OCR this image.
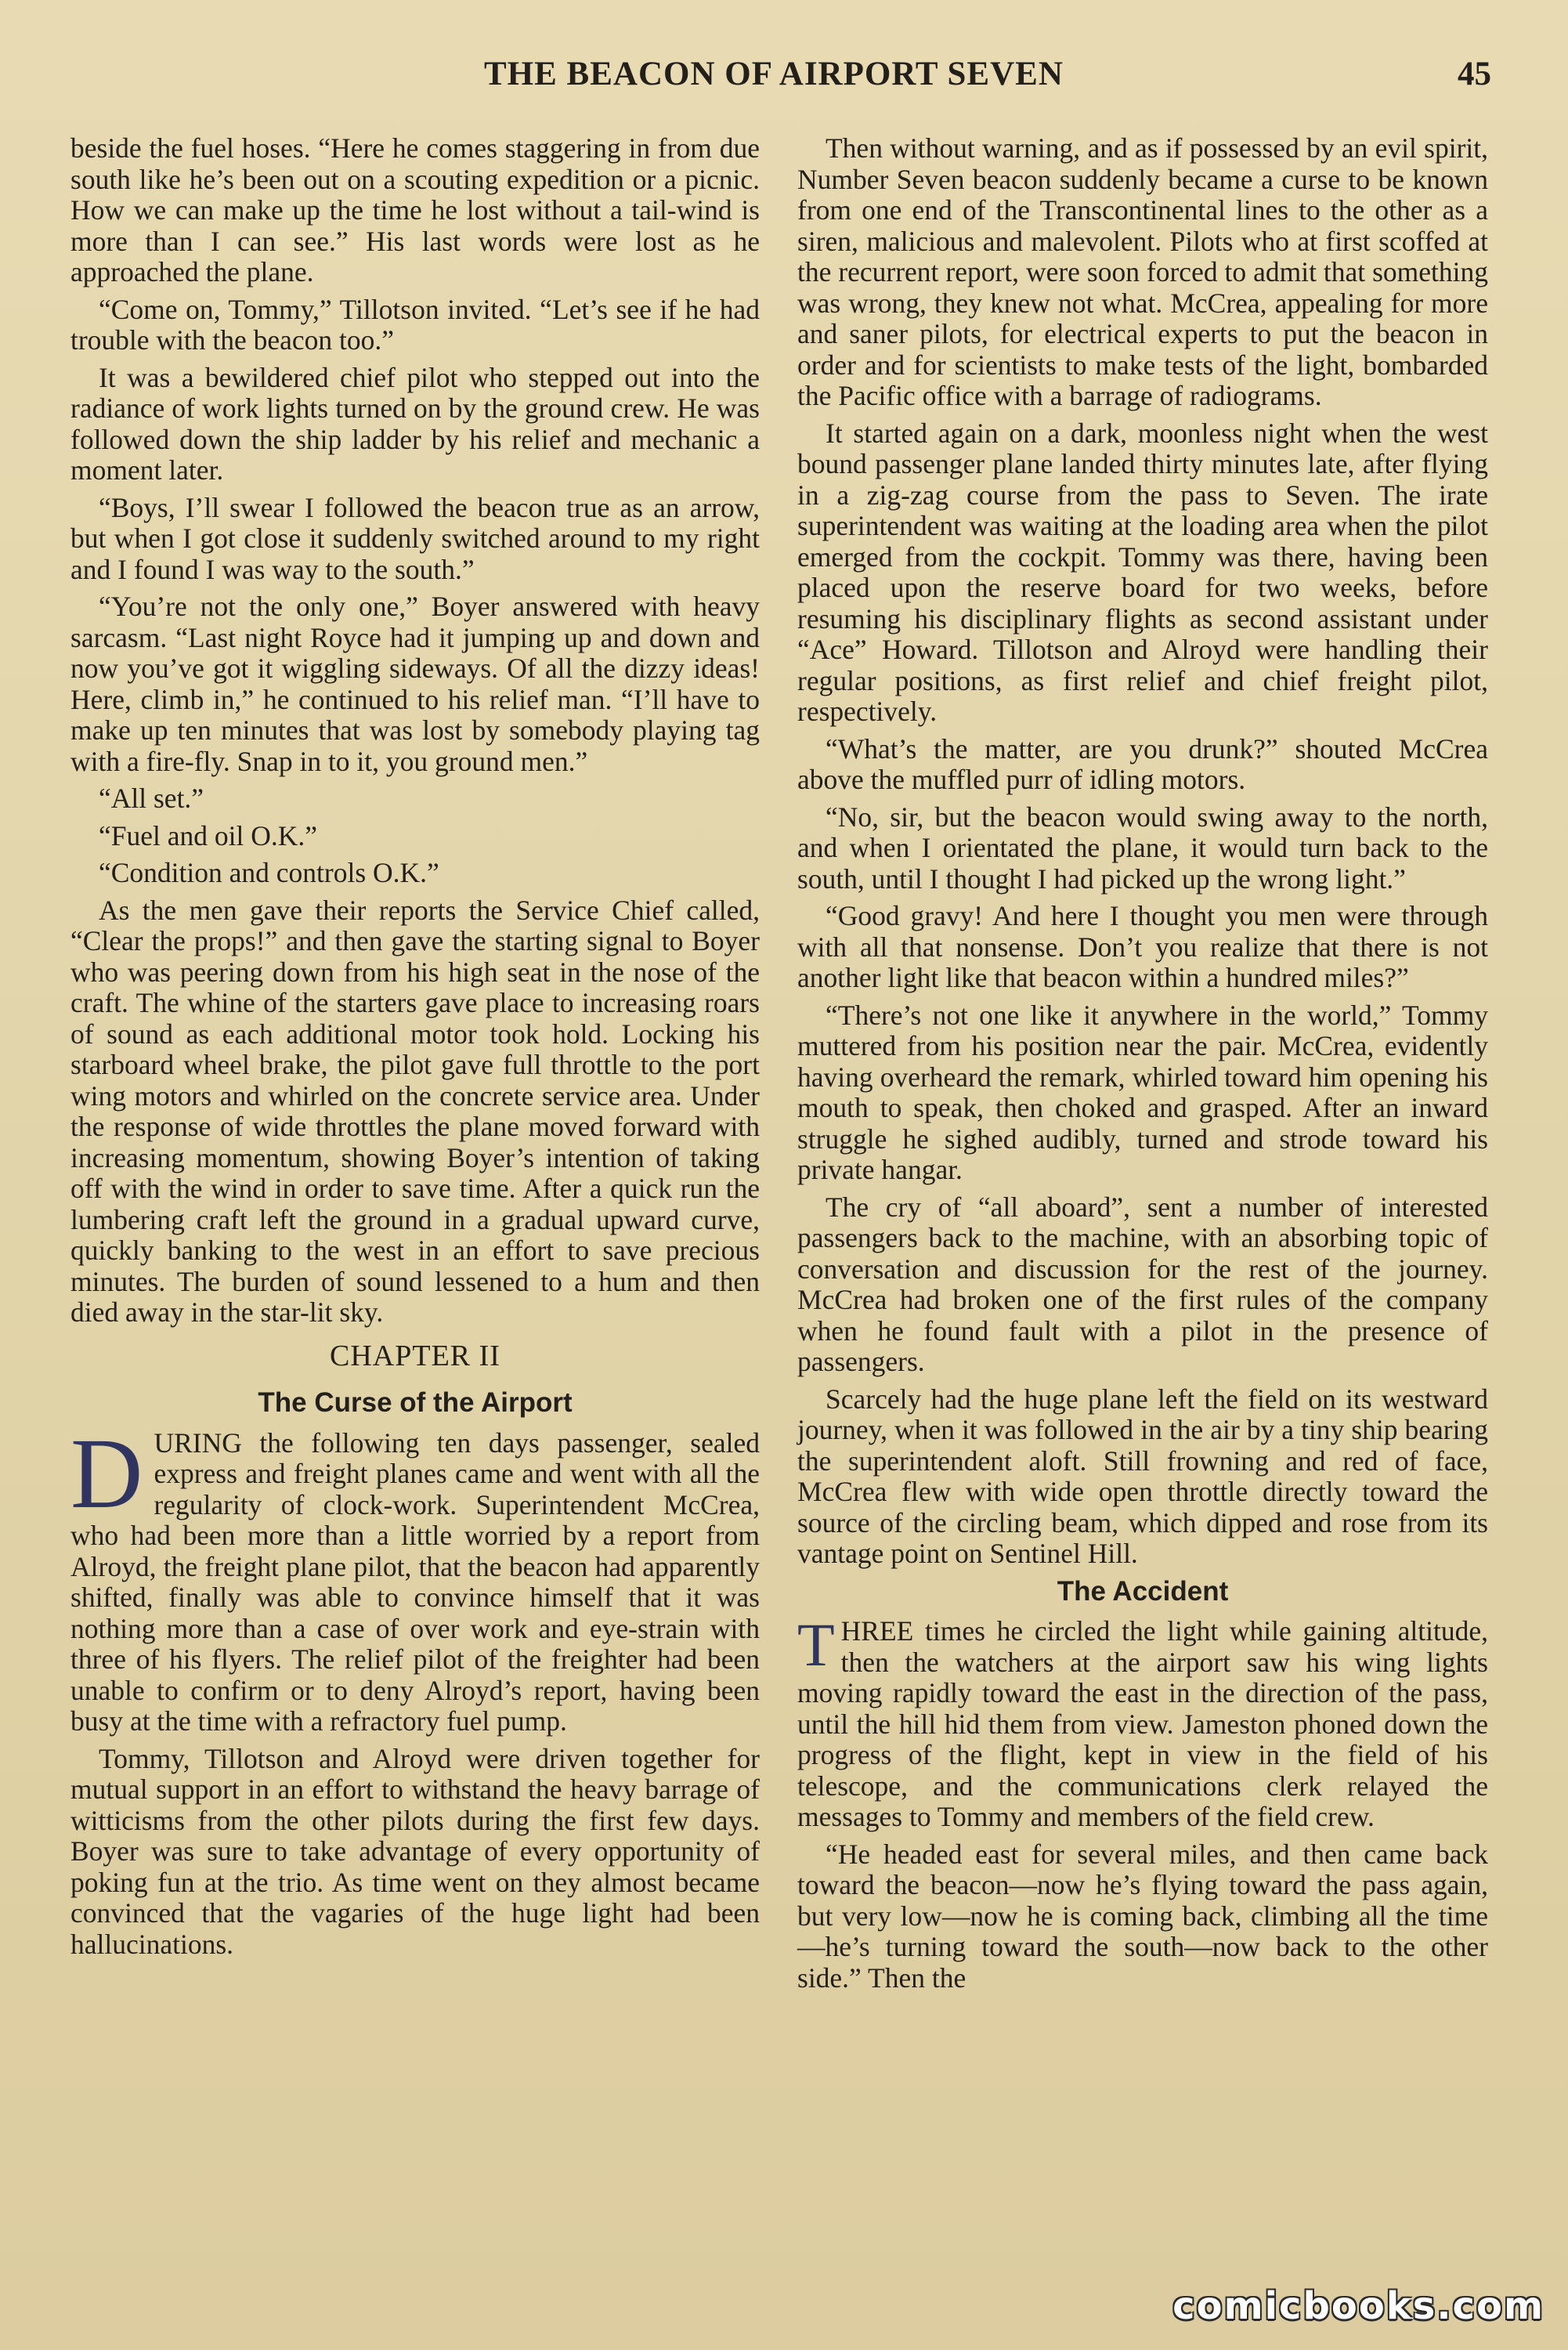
THE BEACON OF AIRPORT SEVEN	45

beside the fuel hoses. “Here he comes staggering in from due south like he’s been out on a scouting expedition or a picnic. How we can make up the time he lost without a tail-wind is more than I can see.” His last words were lost as he approached the plane.

“Come on, Tommy,” Tillotson invited. “Let’s see if he had trouble with the beacon too.”

It was a bewildered chief pilot who stepped out into the radiance of work lights turned on by the ground crew. He was followed down the ship ladder by his relief and mechanic a moment later.

“Boys, I’ll swear I followed the beacon true as an arrow, but when I got close it suddenly switched around to my right and I found I was way to the south.”

“You’re not the only one,” Boyer answered with heavy sarcasm. “Last night Royce had it jumping up and down and now you’ve got it wiggling sideways. Of all the dizzy ideas! Here, climb in,” he continued to his relief man. “I’ll have to make up ten minutes that was lost by somebody playing tag with a fire-fly. Snap in to it, you ground men.”

“All set.”

“Fuel and oil O.K.”

“Condition and controls O.K.”

As the men gave their reports the Service Chief called, “Clear the props!” and then gave the starting signal to Boyer who was peering down from his high seat in the nose of the craft. The whine of the starters gave place to increasing roars of sound as each additional motor took hold. Locking his starboard wheel brake, the pilot gave full throttle to the port wing motors and whirled on the concrete service area. Under the response of wide throttles the plane moved forward with increasing momentum, showing Boyer’s intention of taking off with the wind in order to save time. After a quick run the lumbering craft left the ground in a gradual upward curve, quickly banking to the west in an effort to save precious minutes. The burden of sound lessened to a hum and then died away in the star-lit sky.

CHAPTER II
The Curse of the Airport

DURING the following ten days passenger, sealed express and freight planes came and went with all the regularity of clock-work. Superintendent McCrea, who had been more than a little worried by a report from Alroyd, the freight plane pilot, that the beacon had apparently shifted, finally was able to convince himself that it was nothing more than a case of over work and eye-strain with three of his flyers. The relief pilot of the freighter had been unable to confirm or to deny Alroyd’s report, having been busy at the time with a refractory fuel pump.

Tommy, Tillotson and Alroyd were driven together for mutual support in an effort to withstand the heavy barrage of witticisms from the other pilots during the first few days. Boyer was sure to take advantage of every opportunity of poking fun at the trio. As time went on they almost became convinced that the vagaries of the huge light had been hallucinations.

Then without warning, and as if possessed by an evil spirit, Number Seven beacon suddenly became a curse to be known from one end of the Transcontinental lines to the other as a siren, malicious and malevolent. Pilots who at first scoffed at the recurrent report, were soon forced to admit that something was wrong, they knew not what. McCrea, appealing for more and saner pilots, for electrical experts to put the beacon in order and for scientists to make tests of the light, bombarded the Pacific office with a barrage of radiograms.

It started again on a dark, moonless night when the west bound passenger plane landed thirty minutes late, after flying in a zig-zag course from the pass to Seven. The irate superintendent was waiting at the loading area when the pilot emerged from the cockpit. Tommy was there, having been placed upon the reserve board for two weeks, before resuming his disciplinary flights as second assistant under “Ace” Howard. Tillotson and Alroyd were handling their regular positions, as first relief and chief freight pilot, respectively.

“What’s the matter, are you drunk?” shouted McCrea above the muffled purr of idling motors.

“No, sir, but the beacon would swing away to the north, and when I orientated the plane, it would turn back to the south, until I thought I had picked up the wrong light.”

“Good gravy! And here I thought you men were through with all that nonsense. Don’t you realize that there is not another light like that beacon within a hundred miles?”

“There’s not one like it anywhere in the world,” Tommy muttered from his position near the pair. McCrea, evidently having overheard the remark, whirled toward him opening his mouth to speak, then choked and grasped. After an inward struggle he sighed audibly, turned and strode toward his private hangar.

The cry of “all aboard”, sent a number of interested passengers back to the machine, with an absorbing topic of conversation and discussion for the rest of the journey. McCrea had broken one of the first rules of the company when he found fault with a pilot in the presence of passengers.

Scarcely had the huge plane left the field on its westward journey, when it was followed in the air by a tiny ship bearing the superintendent aloft. Still frowning and red of face, McCrea flew with wide open throttle directly toward the source of the circling beam, which dipped and rose from its vantage point on Sentinel Hill.

The Accident

THREE times he circled the light while gaining altitude, then the watchers at the airport saw his wing lights moving rapidly toward the east in the direction of the pass, until the hill hid them from view. Jameston phoned down the progress of the flight, kept in view in the field of his telescope, and the communications clerk relayed the messages to Tommy and members of the field crew.

“He headed east for several miles, and then came back toward the beacon—now he’s flying toward the pass again, but very low—now he is coming back, climbing all the time—he’s turning toward the south—now back to the other side.” Then the

comicbooks.com
